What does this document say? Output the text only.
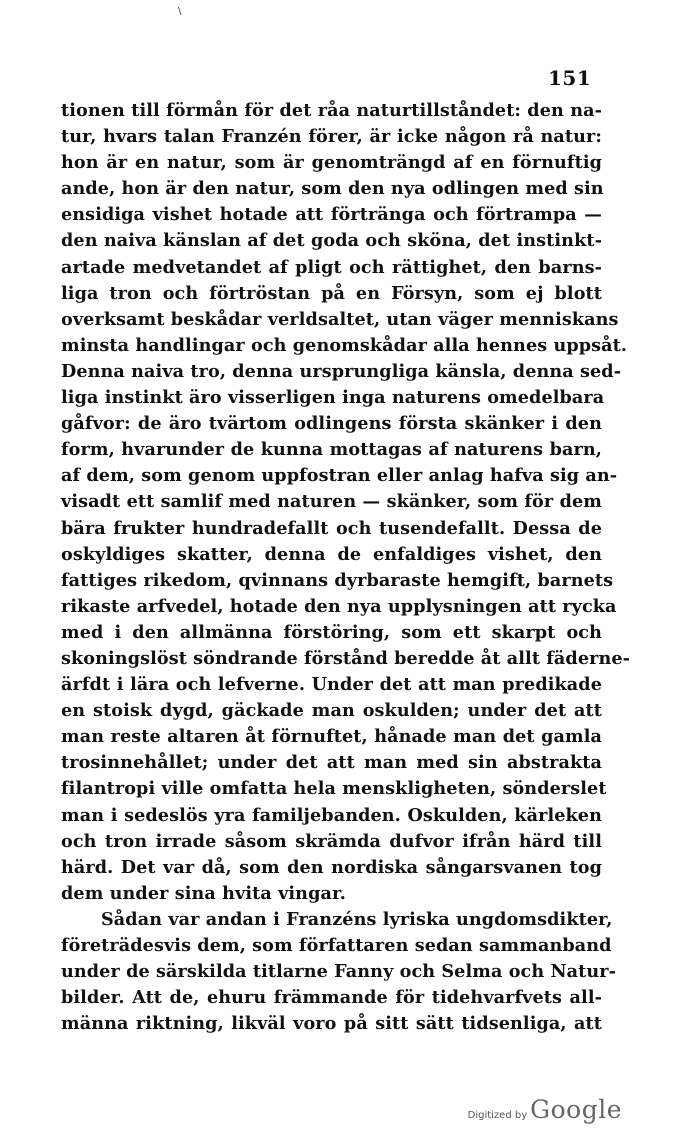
\
151
tionen till förmån för det råa naturtillståndet: den na-
tur, hvars talan Franzén förer, är icke någon rå natur:
hon är en natur, som är genomträngd af en förnuftig
ande, hon är den natur, som den nya odlingen med sin
ensidiga vishet hotade att förtränga och förtrampa —
den naiva känslan af det goda och sköna, det instinkt-
artade medvetandet af pligt och rättighet, den barns-
liga tron och förtröstan på en Försyn, som ej blott
overksamt beskådar verldsaltet, utan väger menniskans
minsta handlingar och genomskådar alla hennes uppsåt.
Denna naiva tro, denna ursprungliga känsla, denna sed-
liga instinkt äro visserligen inga naturens omedelbara
gåfvor: de äro tvärtom odlingens första skänker i den
form, hvarunder de kunna mottagas af naturens barn,
af dem, som genom uppfostran eller anlag hafva sig an-
visadt ett samlif med naturen — skänker, som för dem
bära frukter hundradefallt och tusendefallt. Dessa de
oskyldiges skatter, denna de enfaldiges vishet, den
fattiges rikedom, qvinnans dyrbaraste hemgift, barnets
rikaste arfvedel, hotade den nya upplysningen att rycka
med i den allmänna förstöring, som ett skarpt och
skoningslöst söndrande förstånd beredde åt allt fäderne-
ärfdt i lära och lefverne. Under det att man predikade
en stoisk dygd, gäckade man oskulden; under det att
man reste altaren åt förnuftet, hånade man det gamla
trosinnehållet; under det att man med sin abstrakta
filantropi ville omfatta hela menskligheten, sönderslet
man i sedeslös yra familjebanden. Oskulden, kärleken
och tron irrade såsom skrämda dufvor ifrån härd till
härd. Det var då, som den nordiska sångarsvanen tog
dem under sina hvita vingar.
Sådan var andan i Franzéns lyriska ungdomsdikter,
företrädesvis dem, som författaren sedan sammanband
under de särskilda titlarne Fanny och Selma och Natur-
bilder. Att de, ehuru främmande för tidehvarfvets all-
männa riktning, likväl voro på sitt sätt tidsenliga, att
Digitized by Google
